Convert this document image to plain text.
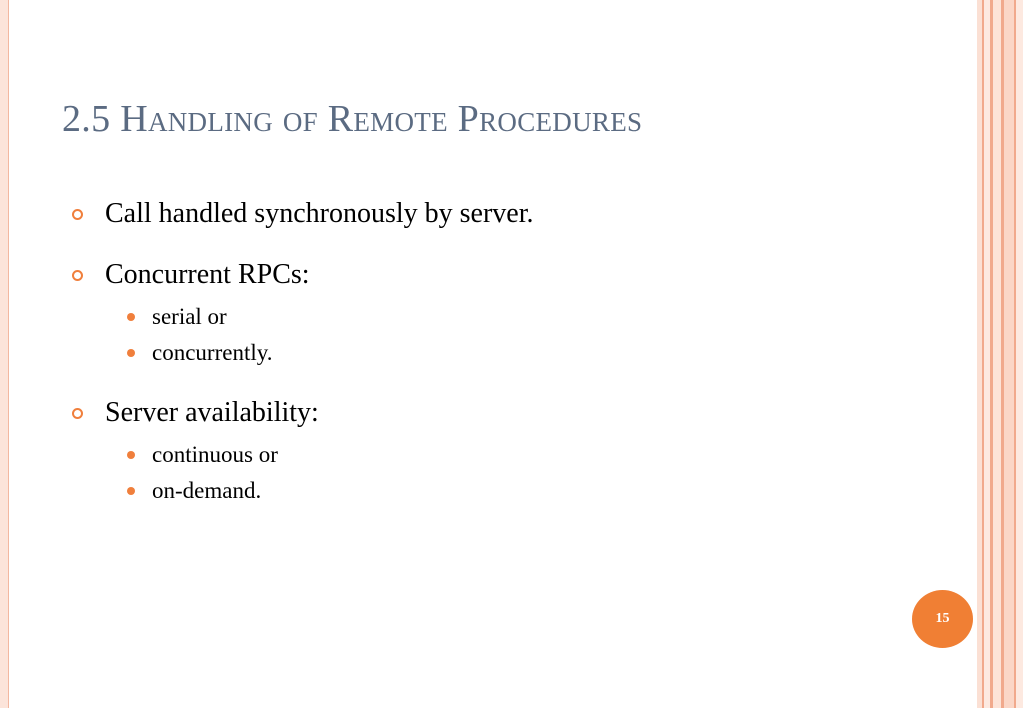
2.5 Handling of Remote Procedures
Call handled synchronously by server.
Concurrent RPCs:
serial or
concurrently.
Server availability:
continuous or
on-demand.
15
